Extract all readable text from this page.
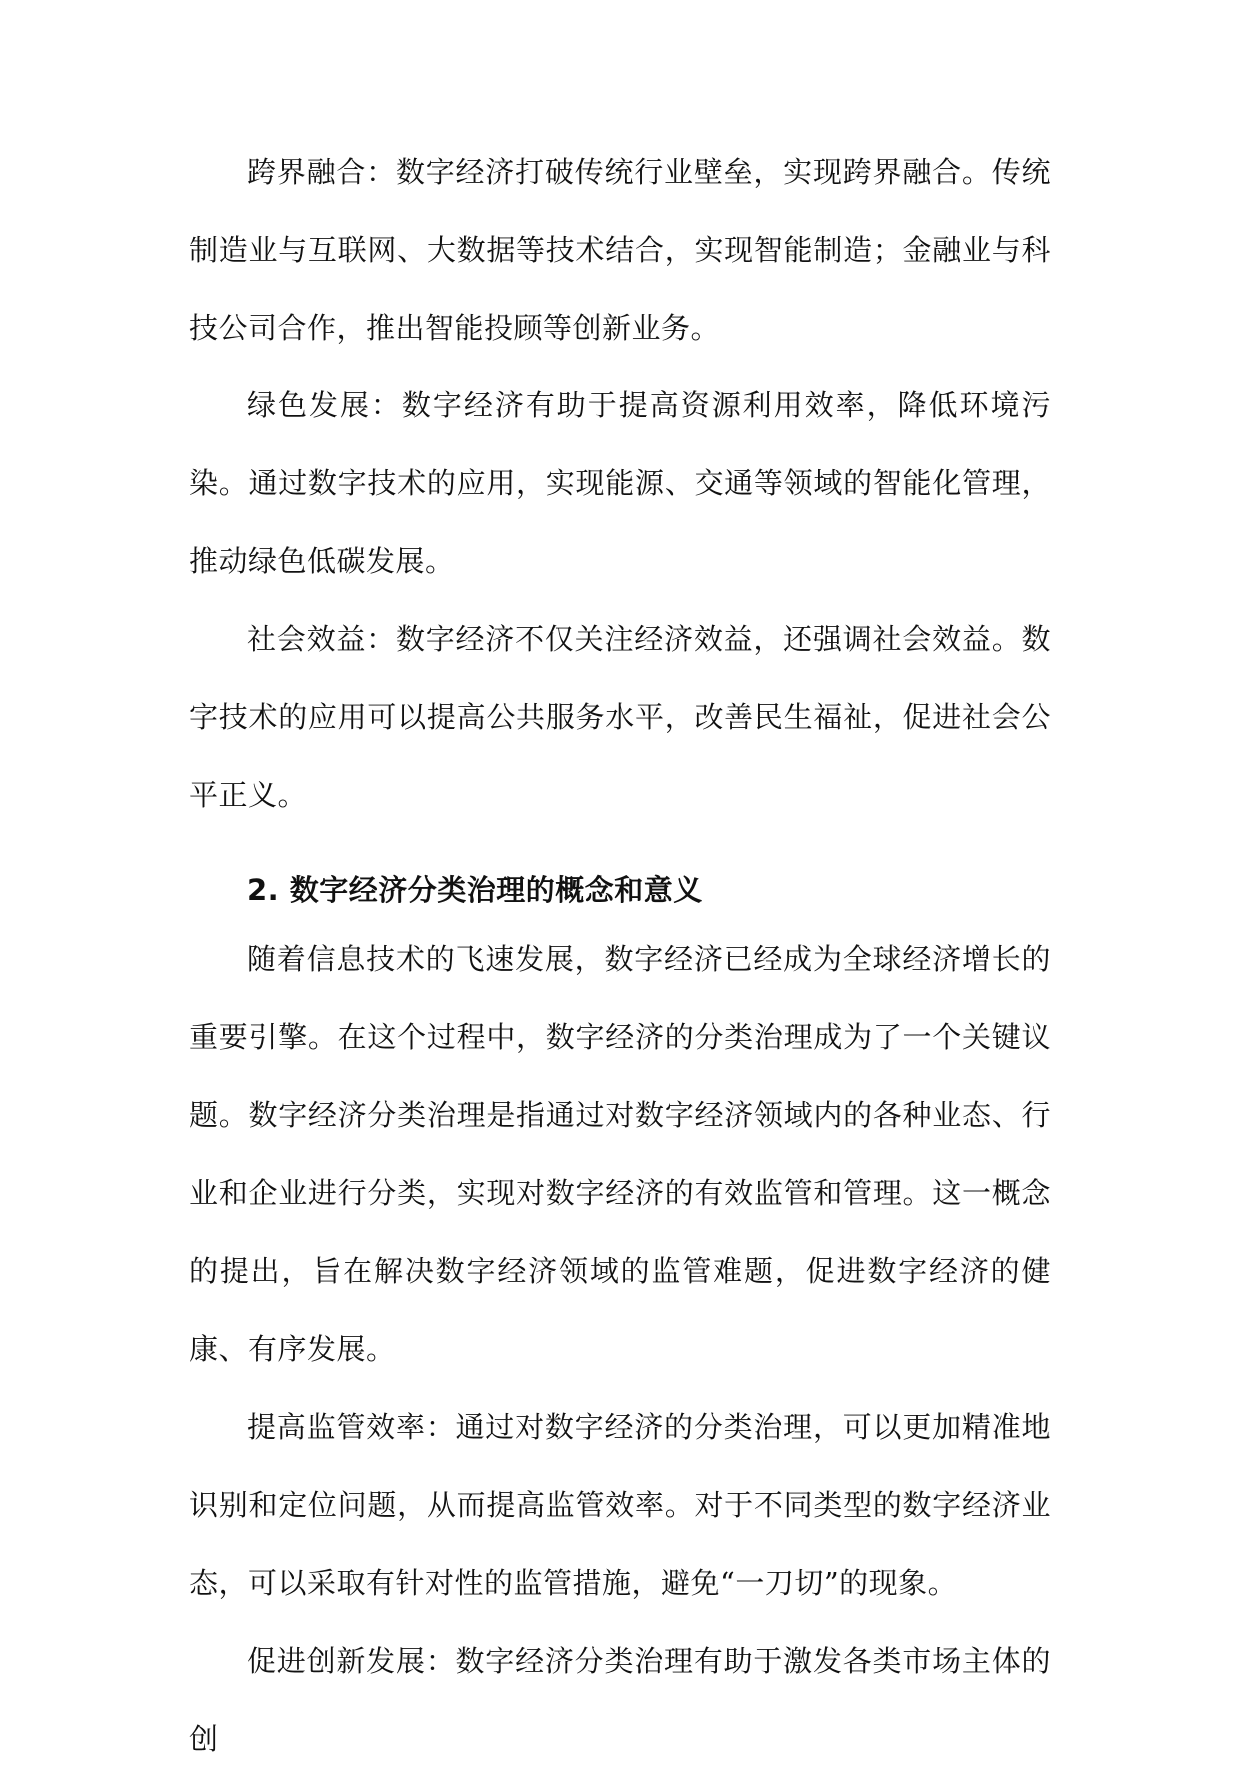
跨界融合：数字经济打破传统行业壁垒，实现跨界融合。传统制造业与互联网、大数据等技术结合，实现智能制造；金融业与科技公司合作，推出智能投顾等创新业务。

绿色发展：数字经济有助于提高资源利用效率，降低环境污染。通过数字技术的应用，实现能源、交通等领域的智能化管理，推动绿色低碳发展。

社会效益：数字经济不仅关注经济效益，还强调社会效益。数字技术的应用可以提高公共服务水平，改善民生福祉，促进社会公平正义。

2. 数字经济分类治理的概念和意义

随着信息技术的飞速发展，数字经济已经成为全球经济增长的重要引擎。在这个过程中，数字经济的分类治理成为了一个关键议题。数字经济分类治理是指通过对数字经济领域内的各种业态、行业和企业进行分类，实现对数字经济的有效监管和管理。这一概念的提出，旨在解决数字经济领域的监管难题，促进数字经济的健康、有序发展。

提高监管效率：通过对数字经济的分类治理，可以更加精准地识别和定位问题，从而提高监管效率。对于不同类型的数字经济业态，可以采取有针对性的监管措施，避免“一刀切”的现象。

促进创新发展：数字经济分类治理有助于激发各类市场主体的创
